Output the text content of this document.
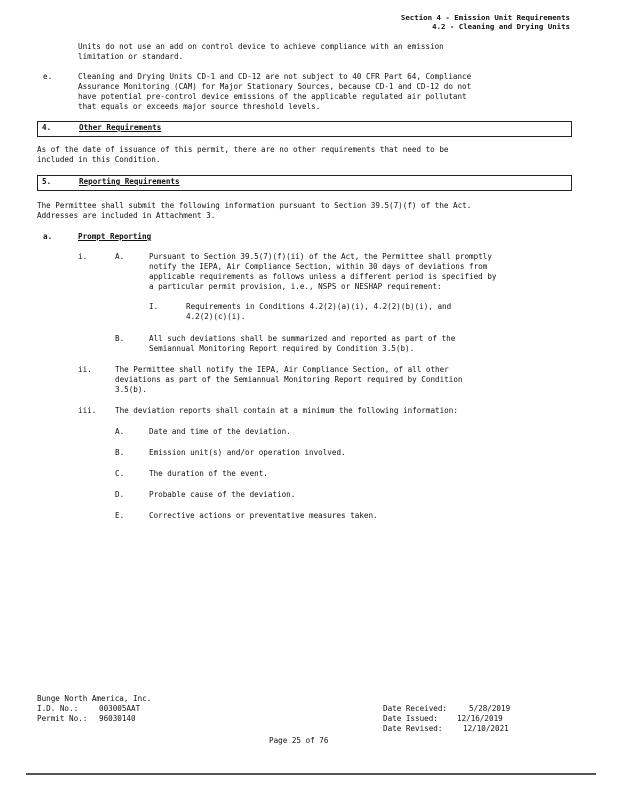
Section 4 - Emission Unit Requirements
4.2 - Cleaning and Drying Units
Units do not use an add on control device to achieve compliance with an emission
limitation or standard.
e.	Cleaning and Drying Units CD-1 and CD-12 are not subject to 40 CFR Part 64, Compliance
Assurance Monitoring (CAM) for Major Stationary Sources, because CD-1 and CD-12 do not
have potential pre-control device emissions of the applicable regulated air pollutant
that equals or exceeds major source threshold levels.
4.	Other Requirements
As of the date of issuance of this permit, there are no other requirements that need to be
included in this Condition.
5.	Reporting Requirements
The Permittee shall submit the following information pursuant to Section 39.5(7)(f) of the Act.
Addresses are included in Attachment 3.
a.	Prompt Reporting
i.	A.	Pursuant to Section 39.5(7)(f)(ii) of the Act, the Permittee shall promptly
notify the IEPA, Air Compliance Section, within 30 days of deviations from
applicable requirements as follows unless a different period is specified by
a particular permit provision, i.e., NSPS or NESHAP requirement:
I.	Requirements in Conditions 4.2(2)(a)(i), 4.2(2)(b)(i), and
4.2(2)(c)(i).
B.	All such deviations shall be summarized and reported as part of the
Semiannual Monitoring Report required by Condition 3.5(b).
ii.	The Permittee shall notify the IEPA, Air Compliance Section, of all other
deviations as part of the Semiannual Monitoring Report required by Condition
3.5(b).
iii. The deviation reports shall contain at a minimum the following information:
A.	Date and time of the deviation.
B.	Emission unit(s) and/or operation involved.
C.	The duration of the event.
D.	Probable cause of the deviation.
E.	Corrective actions or preventative measures taken.
Bunge North America, Inc.
I.D. No.:	003005AAT
Permit No.: 96030140
Date Received:	5/28/2019
Date Issued:	12/16/2019
Date Revised:	12/10/2021
Page 25 of 76
